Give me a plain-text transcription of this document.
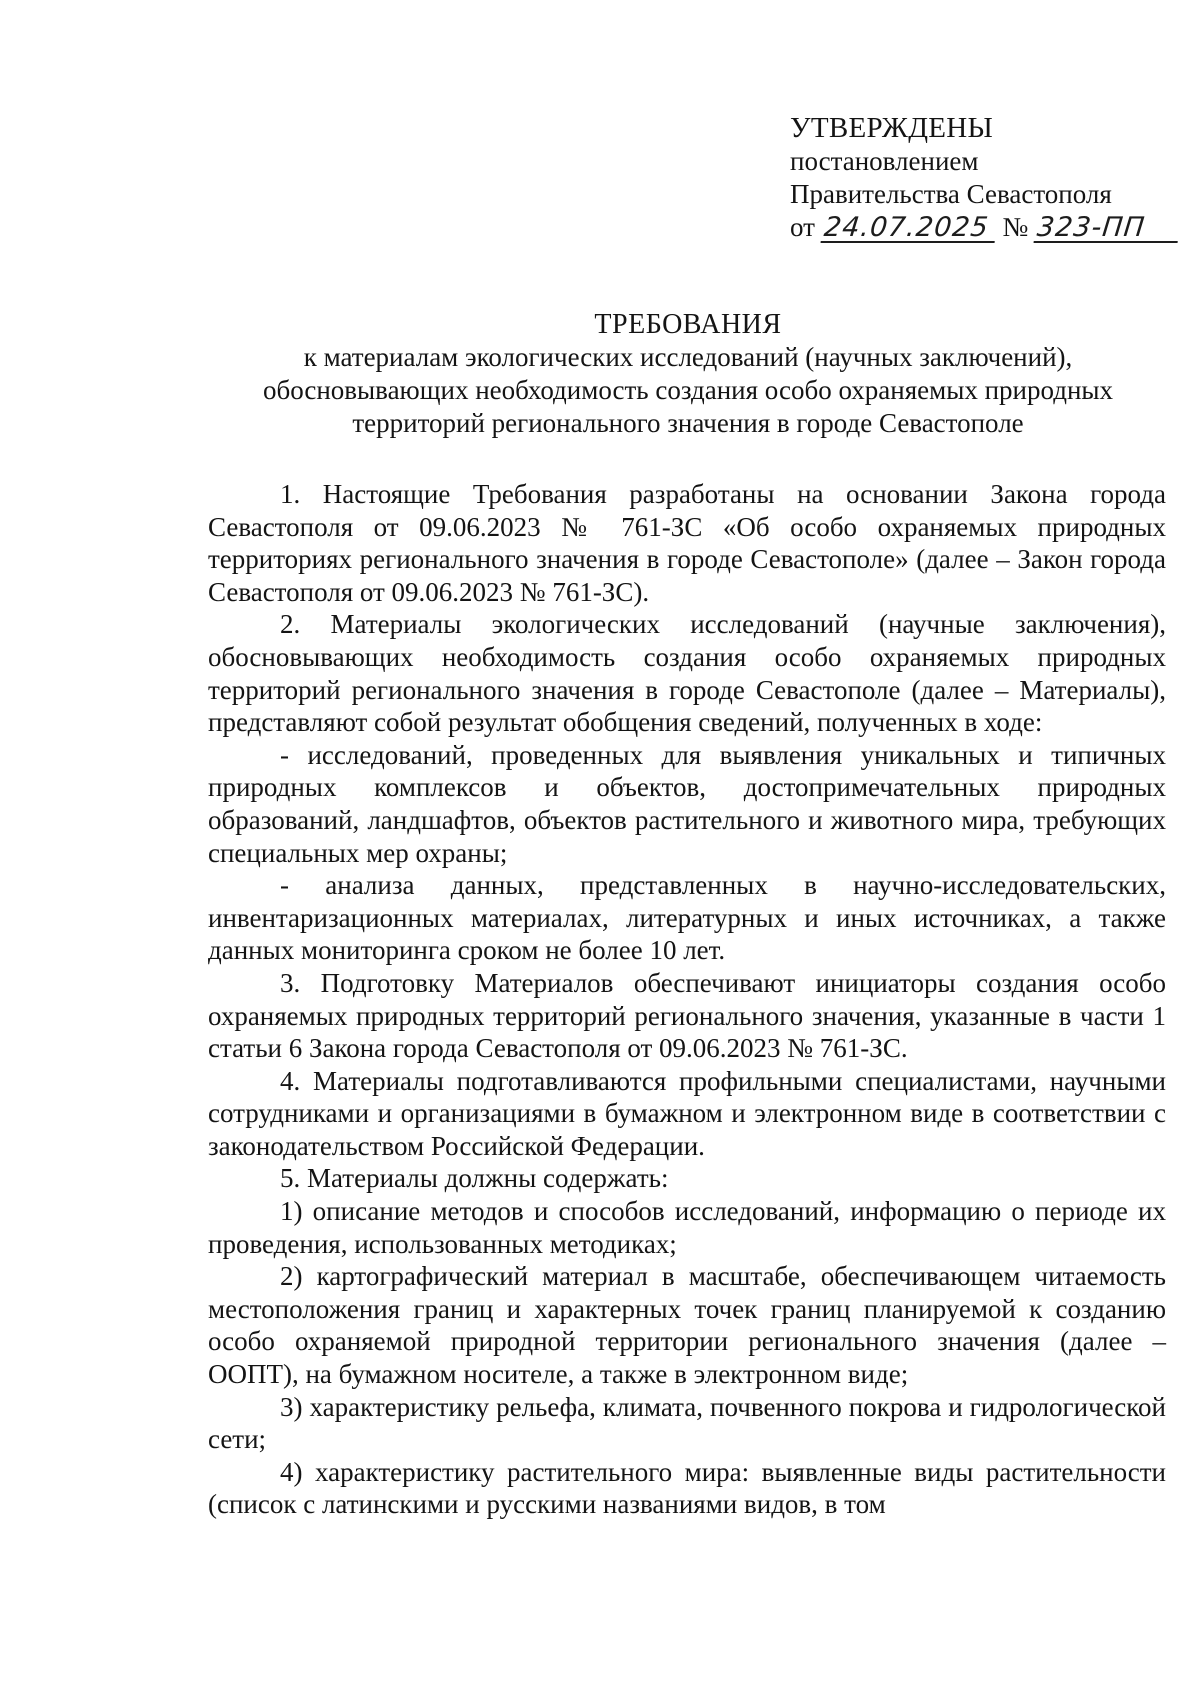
УТВЕРЖДЕНЫ
постановлением
Правительства Севастополя
от 24.07.2025 № 323-ПП
ТРЕБОВАНИЯ
к материалам экологических исследований (научных заключений),
обосновывающих необходимость создания особо охраняемых природных
территорий регионального значения в городе Севастополе

1. Настоящие Требования разработаны на основании Закона города Севастополя от 09.06.2023 № 761-ЗС «Об особо охраняемых природных территориях регионального значения в городе Севастополе» (далее – Закон города Севастополя от 09.06.2023 № 761-ЗС).

2. Материалы экологических исследований (научные заключения), обосновывающих необходимость создания особо охраняемых природных территорий регионального значения в городе Севастополе (далее – Материалы), представляют собой результат обобщения сведений, полученных в ходе:

- исследований, проведенных для выявления уникальных и типичных природных комплексов и объектов, достопримечательных природных образований, ландшафтов, объектов растительного и животного мира, требующих специальных мер охраны;

- анализа данных, представленных в научно-исследовательских, инвентаризационных материалах, литературных и иных источниках, а также данных мониторинга сроком не более 10 лет.

3. Подготовку Материалов обеспечивают инициаторы создания особо охраняемых природных территорий регионального значения, указанные в части 1 статьи 6 Закона города Севастополя от 09.06.2023 № 761-ЗС.

4. Материалы подготавливаются профильными специалистами, научными сотрудниками и организациями в бумажном и электронном виде в соответствии с законодательством Российской Федерации.

5. Материалы должны содержать:

1) описание методов и способов исследований, информацию о периоде их проведения, использованных методиках;

2) картографический материал в масштабе, обеспечивающем читаемость местоположения границ и характерных точек границ планируемой к созданию особо охраняемой природной территории регионального значения (далее – ООПТ), на бумажном носителе, а также в электронном виде;

3) характеристику рельефа, климата, почвенного покрова и гидрологической сети;

4) характеристику растительного мира: выявленные виды растительности (список с латинскими и русскими названиями видов, в том
